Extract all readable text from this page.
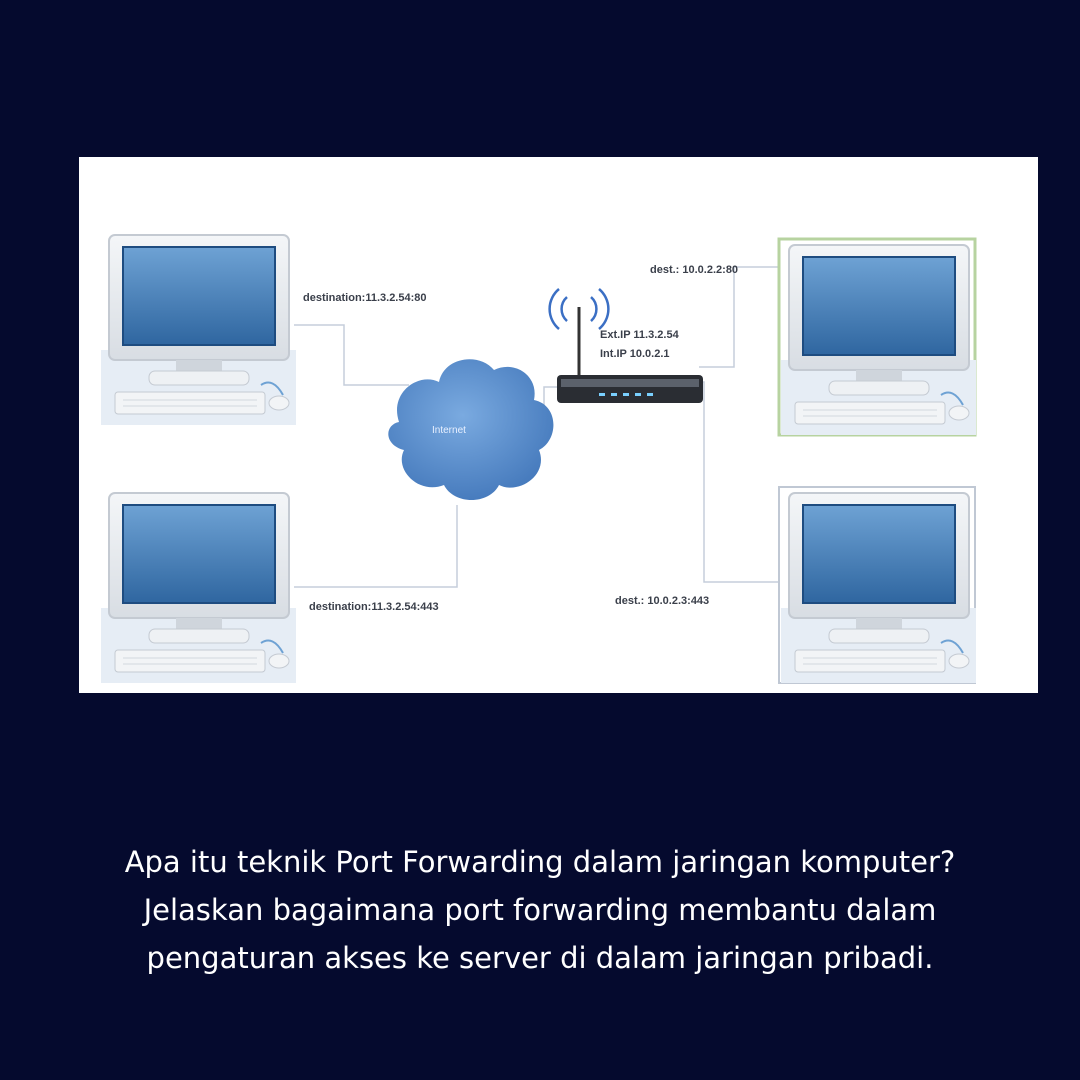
Internet
destination:11.3.2.54:80
destination:11.3.2.54:443
Ext.IP 11.3.2.54
Int.IP 10.0.2.1
dest.: 10.0.2.2:80
dest.: 10.0.2.3:443
Apa itu teknik Port Forwarding dalam jaringan komputer?
Jelaskan bagaimana port forwarding membantu dalam
pengaturan akses ke server di dalam jaringan pribadi.
